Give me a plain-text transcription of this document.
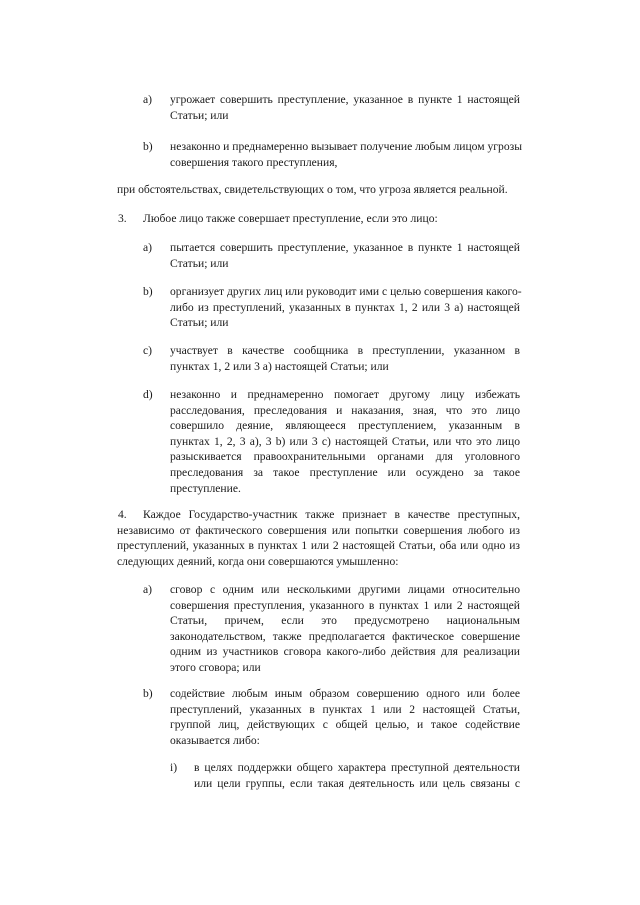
a) угрожает совершить преступление, указанное в пункте 1 настоящей
Статьи; или
b) незаконно и преднамеренно вызывает получение любым лицом угрозы
совершения такого преступления,
при обстоятельствах, свидетельствующих о том, что угроза является реальной.
3. Любое лицо также совершает преступление, если это лицо:
a) пытается совершить преступление, указанное в пункте 1 настоящей
Статьи; или
b) организует других лиц или руководит ими с целью совершения какого-
либо из преступлений, указанных в пунктах 1, 2 или 3 а) настоящей
Статьи; или
c) участвует в качестве сообщника в преступлении, указанном в
пунктах 1, 2 или 3 а) настоящей Статьи; или
d) незаконно и преднамеренно помогает другому лицу избежать
расследования, преследования и наказания, зная, что это лицо
совершило деяние, являющееся преступлением, указанным в
пунктах 1, 2, 3 а), 3 b) или 3 c) настоящей Статьи, или что это лицо
разыскивается правоохранительными органами для уголовного
преследования за такое преступление или осуждено за такое
преступление.
4. Каждое Государство-участник также признает в качестве преступных,
независимо от фактического совершения или попытки совершения любого из
преступлений, указанных в пунктах 1 или 2 настоящей Статьи, оба или одно из
следующих деяний, когда они совершаются умышленно:
a) сговор с одним или несколькими другими лицами относительно
совершения преступления, указанного в пунктах 1 или 2 настоящей
Статьи, причем, если это предусмотрено национальным
законодательством, также предполагается фактическое совершение
одним из участников сговора какого-либо действия для реализации
этого сговора; или
b) содействие любым иным образом совершению одного или более
преступлений, указанных в пунктах 1 или 2 настоящей Статьи,
группой лиц, действующих с общей целью, и такое содействие
оказывается либо:
i) в целях поддержки общего характера преступной деятельности
или цели группы, если такая деятельность или цель связаны с
